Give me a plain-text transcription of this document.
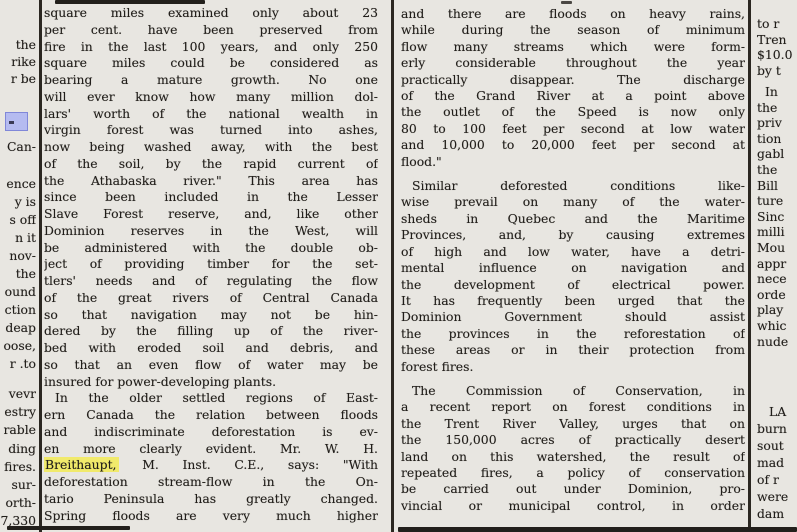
the
rike
r be
Can-
ence
y is
s off
n it
nov-
the
ound
ction
deap
oose,
r .to
vevr
estry
rable
ding
fires.
sur-
orth-
7,330
square miles examined only about 23
per cent. have been preserved from
fire in the last 100 years, and only 250
square miles could be considered as
bearing a mature growth. No one
will ever know how many million dol-
lars' worth of the national wealth in
virgin forest was turned into ashes,
now being washed away, with the best
of the soil, by the rapid current of
the Athabaska river." This area has
since been included in the Lesser
Slave Forest reserve, and, like other
Dominion reserves in the West, will
be administered with the double ob-
ject of providing timber for the set-
tlers' needs and of regulating the flow
of the great rivers of Central Canada
so that navigation may not be hin-
dered by the filling up of the river-
bed with eroded soil and debris, and
so that an even flow of water may be
insured for power-developing plants.
In the older settled regions of East-
ern Canada the relation between floods
and indiscriminate deforestation is ev-
en more clearly evident. Mr. W. H.
Breithaupt, M. Inst. C.E., says: "With
deforestation stream-flow in the On-
tario Peninsula has greatly changed.
Spring floods are very much higher
and there are floods on heavy rains,
while during the season of minimum
flow many streams which were form-
erly considerable throughout the year
practically disappear. The discharge
of the Grand River at a point above
the outlet of the Speed is now only
80 to 100 feet per second at low water
and 10,000 to 20,000 feet per second at
flood."
Similar deforested conditions like-
wise prevail on many of the water-
sheds in Quebec and the Maritime
Provinces, and, by causing extremes
of high and low water, have a detri-
mental influence on navigation and
the development of electrical power.
It has frequently been urged that the
Dominion Government should assist
the provinces in the reforestation of
these areas or in their protection from
forest fires.
The Commission of Conservation, in
a recent report on forest conditions in
the Trent River Valley, urges that on
the 150,000 acres of practically desert
land on this watershed, the result of
repeated fires, a policy of conservation
be carried out under Dominion, pro-
vincial or municipal control, in order
to r
Tren
$10.0
by t
In
the
priv
tion
gabl
the
Bill
ture
Sinc
milli
Mou
appr
nece
orde
play
whic
nude
LA
burn
sout
mad
of r
were
dam
